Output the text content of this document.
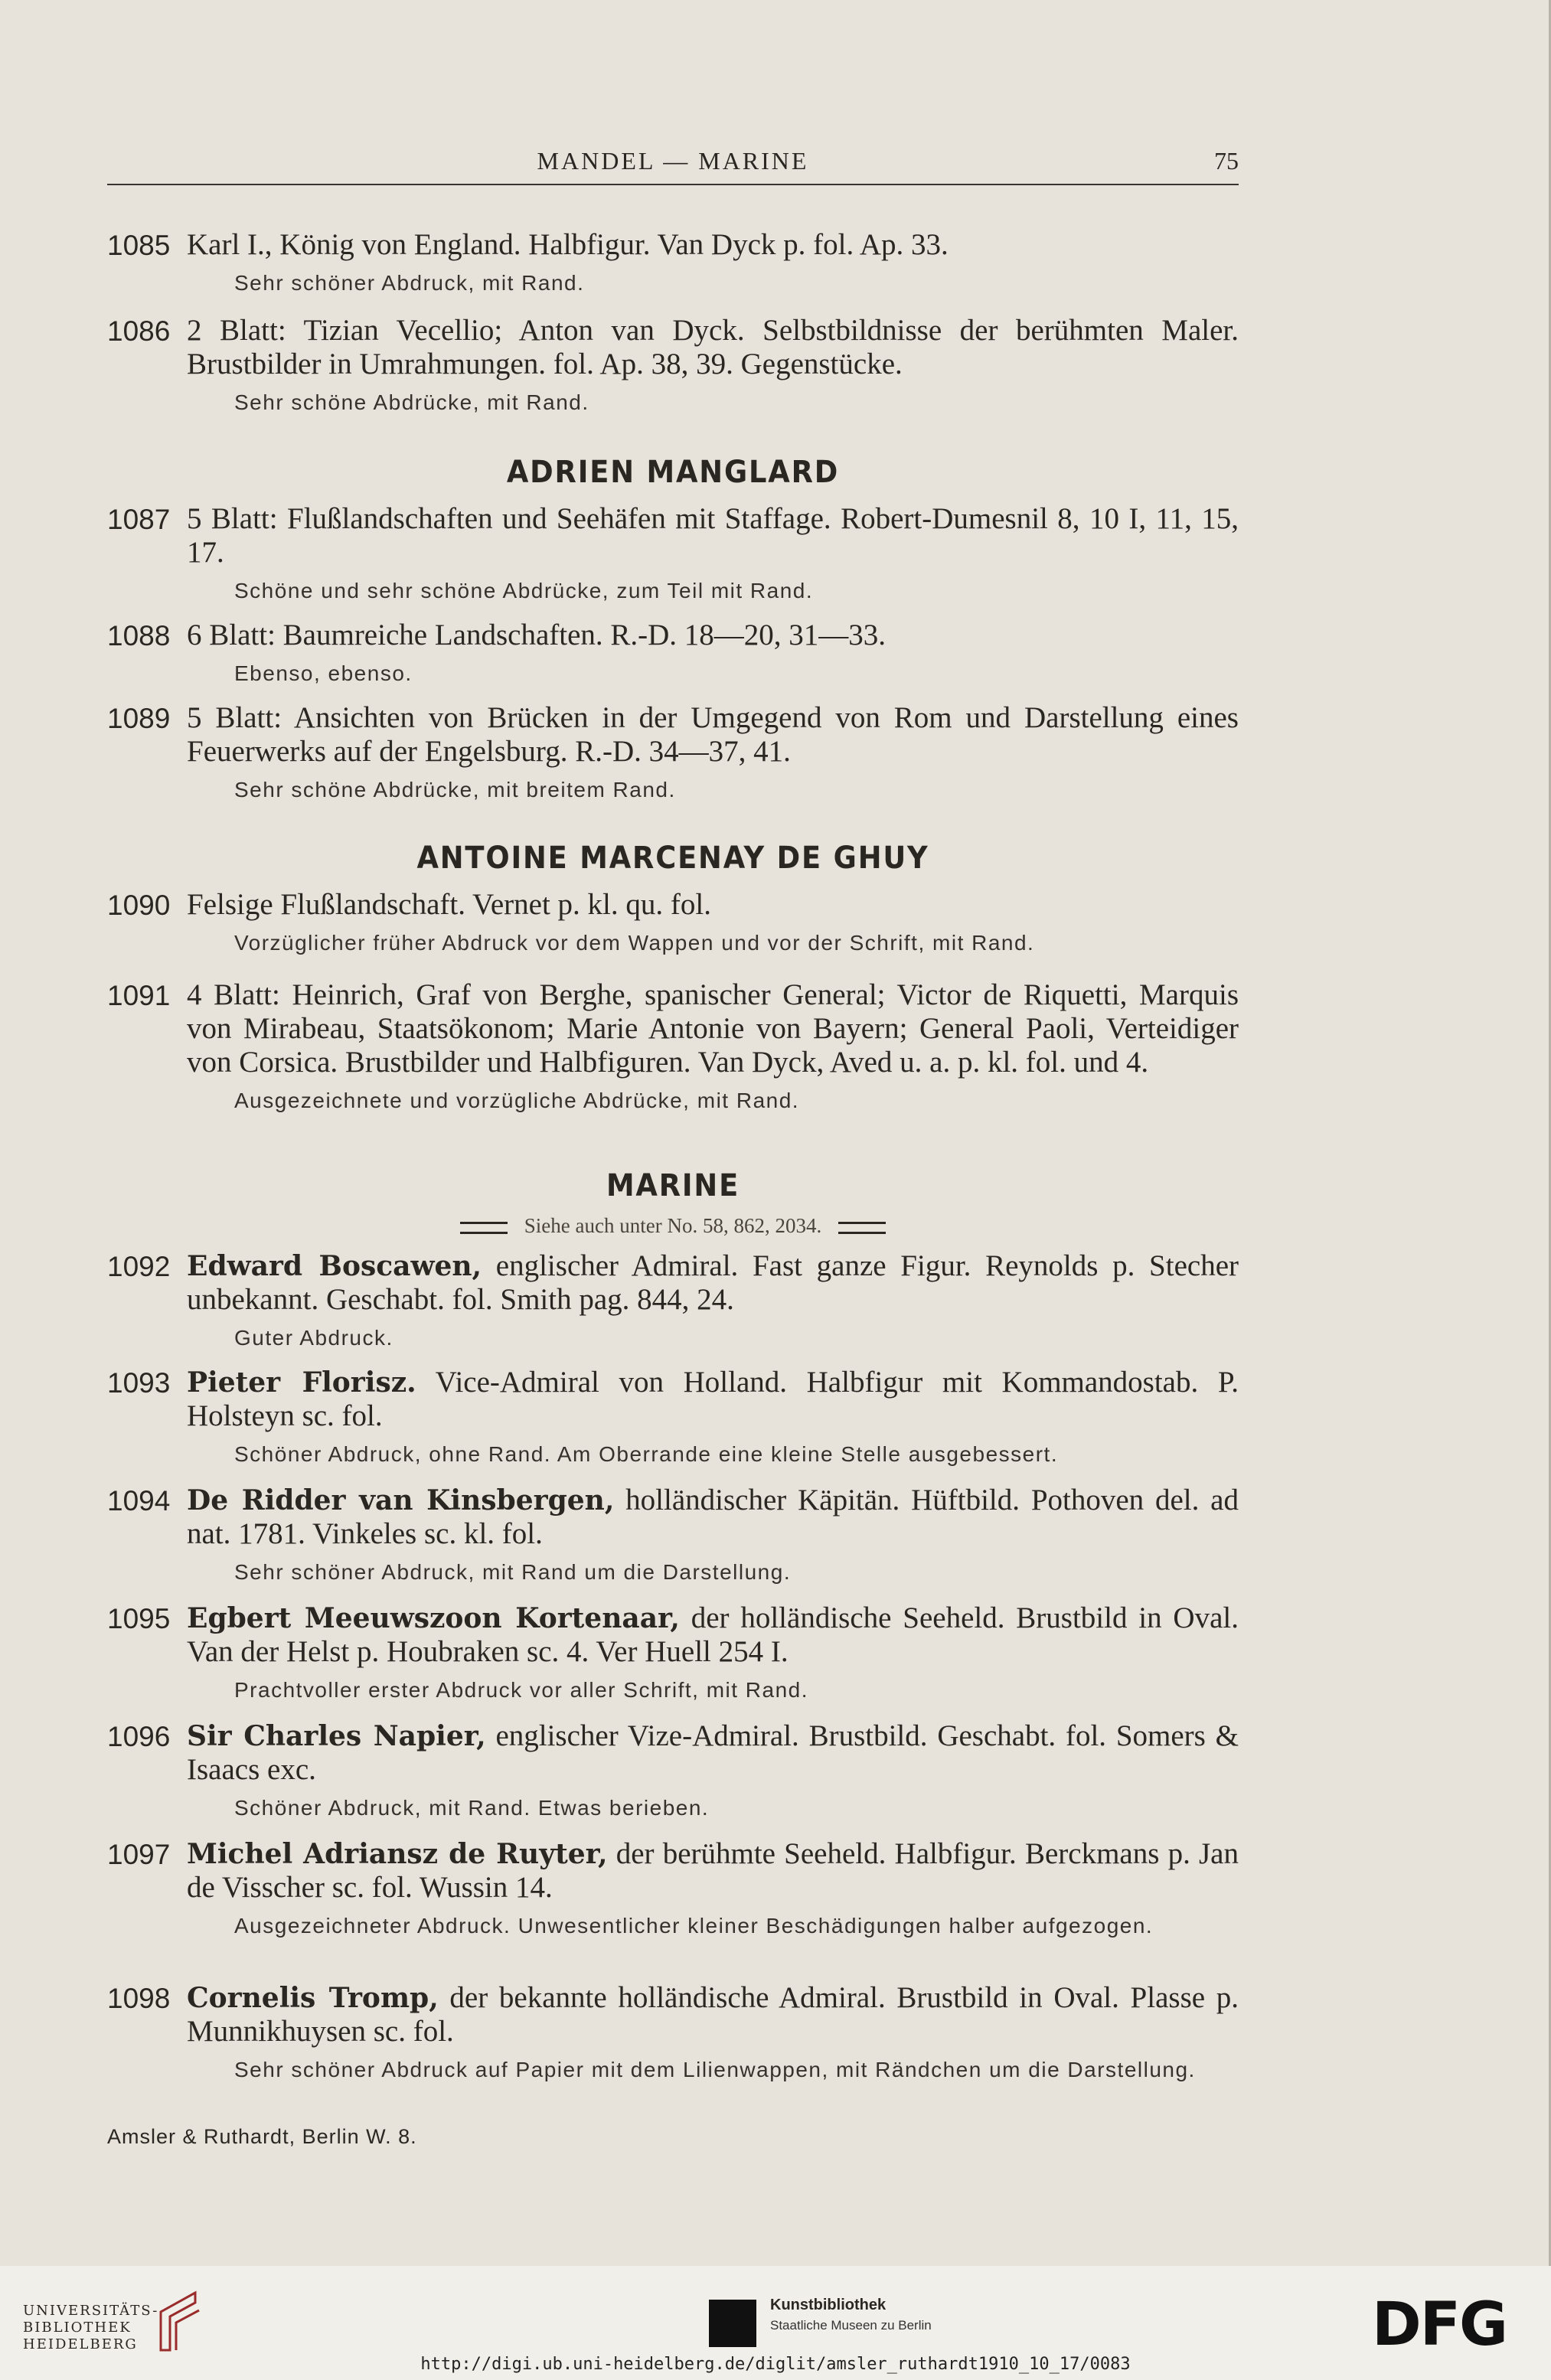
MANDEL — MARINE	75
1085 Karl I., König von England. Halbfigur. Van Dyck p. fol. Ap. 33.
Sehr schöner Abdruck, mit Rand.
1086 2 Blatt: Tizian Vecellio; Anton van Dyck. Selbstbildnisse der berühmten Maler. Brustbilder in Umrahmungen. fol. Ap. 38, 39. Gegenstücke.
Sehr schöne Abdrücke, mit Rand.
ADRIEN MANGLARD
1087 5 Blatt: Flußlandschaften und Seehäfen mit Staffage. Robert-Dumesnil 8, 10 I, 11, 15, 17.
Schöne und sehr schöne Abdrücke, zum Teil mit Rand.
1088 6 Blatt: Baumreiche Landschaften. R.-D. 18—20, 31—33.
Ebenso, ebenso.
1089 5 Blatt: Ansichten von Brücken in der Umgegend von Rom und Darstellung eines Feuerwerks auf der Engelsburg. R.-D. 34—37, 41.
Sehr schöne Abdrücke, mit breitem Rand.
ANTOINE MARCENAY DE GHUY
1090 Felsige Flußlandschaft. Vernet p. kl. qu. fol.
Vorzüglicher früher Abdruck vor dem Wappen und vor der Schrift, mit Rand.
1091 4 Blatt: Heinrich, Graf von Berghe, spanischer General; Victor de Riquetti, Marquis von Mirabeau, Staatsökonom; Marie Antonie von Bayern; General Paoli, Verteidiger von Corsica. Brustbilder und Halbfiguren. Van Dyck, Aved u. a. p. kl. fol. und 4.
Ausgezeichnete und vorzügliche Abdrücke, mit Rand.
MARINE
Siehe auch unter No. 58, 862, 2034.
1092 Edward Boscawen, englischer Admiral. Fast ganze Figur. Reynolds p. Stecher unbekannt. Geschabt. fol. Smith pag. 844, 24.
Guter Abdruck.
1093 Pieter Florisz. Vice-Admiral von Holland. Halbfigur mit Kommandostab. P. Holsteyn sc. fol.
Schöner Abdruck, ohne Rand. Am Oberrande eine kleine Stelle ausgebessert.
1094 De Ridder van Kinsbergen, holländischer Käpitän. Hüftbild. Pothoven del. ad nat. 1781. Vinkeles sc. kl. fol.
Sehr schöner Abdruck, mit Rand um die Darstellung.
1095 Egbert Meeuwszoon Kortenaar, der holländische Seeheld. Brustbild in Oval. Van der Helst p. Houbraken sc. 4. Ver Huell 254 I.
Prachtvoller erster Abdruck vor aller Schrift, mit Rand.
1096 Sir Charles Napier, englischer Vize-Admiral. Brustbild. Geschabt. fol. Somers & Isaacs exc.
Schöner Abdruck, mit Rand. Etwas berieben.
1097 Michel Adriansz de Ruyter, der berühmte Seeheld. Halbfigur. Berckmans p. Jan de Visscher sc. fol. Wussin 14.
Ausgezeichneter Abdruck. Unwesentlicher kleiner Beschädigungen halber aufgezogen.
1098 Cornelis Tromp, der bekannte holländische Admiral. Brustbild in Oval. Plasse p. Munnikhuysen sc. fol.
Sehr schöner Abdruck auf Papier mit dem Lilienwappen, mit Rändchen um die Darstellung.
Amsler & Ruthardt, Berlin W. 8.
UNIVERSITÄTS-
BIBLIOTHEK
HEIDELBERG
Kunstbibliothek
Staatliche Museen zu Berlin	DFG
http://digi.ub.uni-heidelberg.de/diglit/amsler_ruthardt1910_10_17/0083
